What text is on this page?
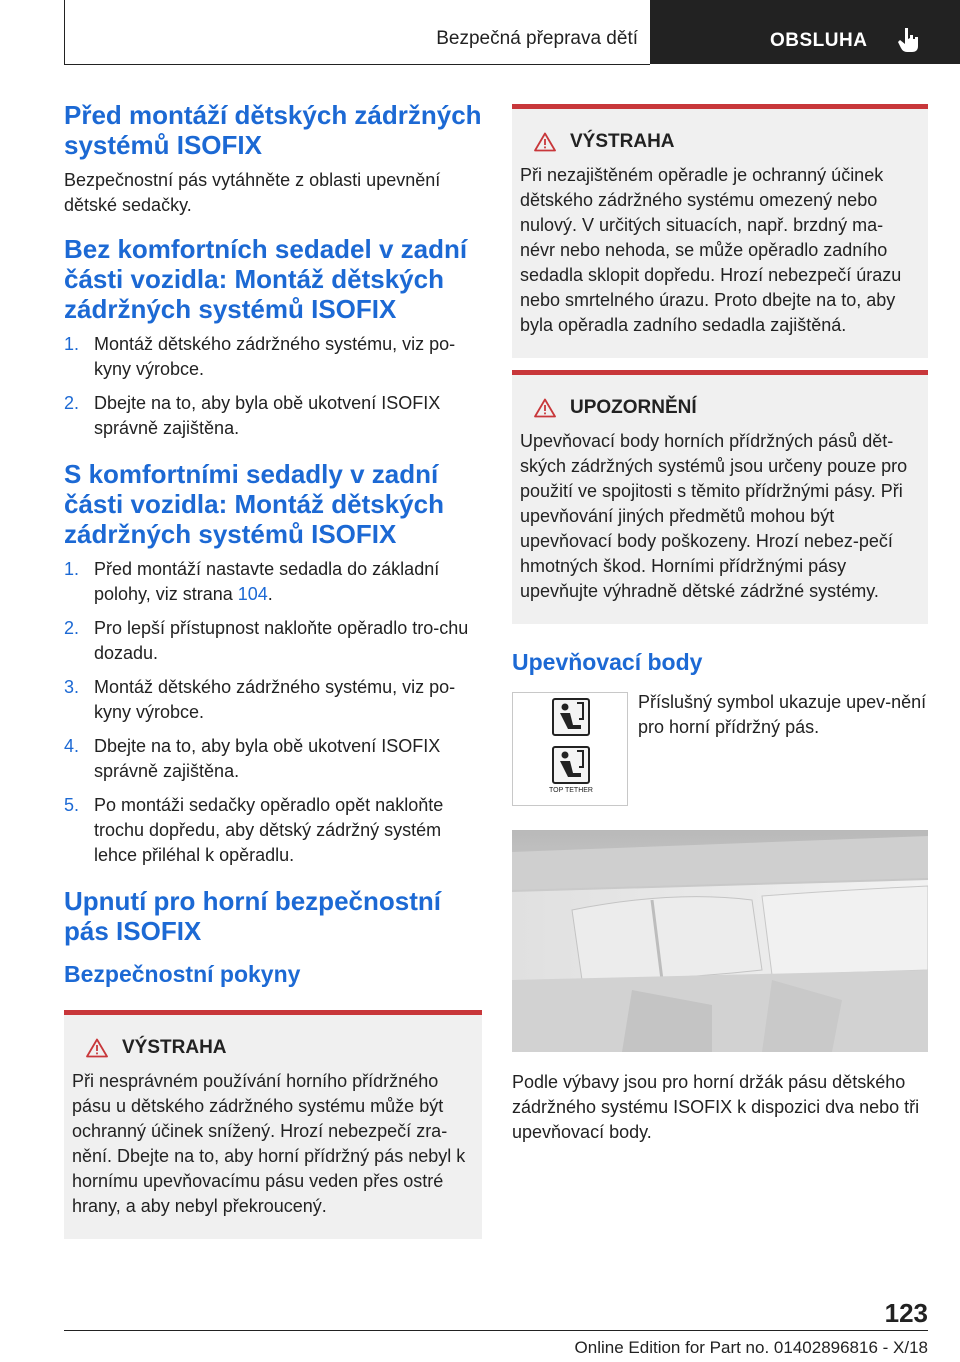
Bezpečná přeprava dětí	OBSLUHA
Před montáží dětských zádržných systémů ISOFIX

Bezpečnostní pás vytáhněte z oblasti upevnění dětské sedačky.

Bez komfortních sedadel v zadní části vozidla: Montáž dětských zádržných systémů ISOFIX
1. Montáž dětského zádržného systému, viz po-kyny výrobce.
2. Dbejte na to, aby byla obě ukotvení ISOFIX správně zajištěna.
S komfortními sedadly v zadní části vozidla: Montáž dětských zádržných systémů ISOFIX
1. Před montáží nastavte sedadla do základní polohy, viz strana 104.
2. Pro lepší přístupnost nakloňte opěradlo tro-chu dozadu.
3. Montáž dětského zádržného systému, viz po-kyny výrobce.
4. Dbejte na to, aby byla obě ukotvení ISOFIX správně zajištěna.
5. Po montáži sedačky opěradlo opět nakloňte trochu dopředu, aby dětský zádržný systém lehce přiléhal k opěradlu.
Upnutí pro horní bezpečnostní pás ISOFIX
Bezpečnostní pokyny
VÝSTRAHA

Při nesprávném používání horního přídržného pásu u dětského zádržného systému může být ochranný účinek snížený. Hrozí nebezpečí zra-nění. Dbejte na to, aby horní přídržný pás nebyl k hornímu upevňovacímu pásu veden přes ostré hrany, a aby nebyl překroucený.

VÝSTRAHA

Při nezajištěném opěradle je ochranný účinek dětského zádržného systému omezený nebo nulový. V určitých situacích, např. brzdný ma-névr nebo nehoda, se může opěradlo zadního sedadla sklopit dopředu. Hrozí nebezpečí úrazu nebo smrtelného úrazu. Proto dbejte na to, aby byla opěradla zadního sedadla zajištěná.

UPOZORNĚNÍ

Upevňovací body horních přídržných pásů dět-ských zádržných systémů jsou určeny pouze pro použití ve spojitosti s těmito přídržnými pásy. Při upevňování jiných předmětů mohou být upevňovací body poškozeny. Hrozí nebez-pečí hmotných škod. Horními přídržnými pásy upevňujte výhradně dětské zádržné systémy.

Upevňovací body
TOP TETHER
Příslušný symbol ukazuje upev-nění pro horní přídržný pás.

Podle výbavy jsou pro horní držák pásu dětského zádržného systému ISOFIX k dispozici dva nebo tři upevňovací body.

123
Online Edition for Part no. 01402896816 - X/18
